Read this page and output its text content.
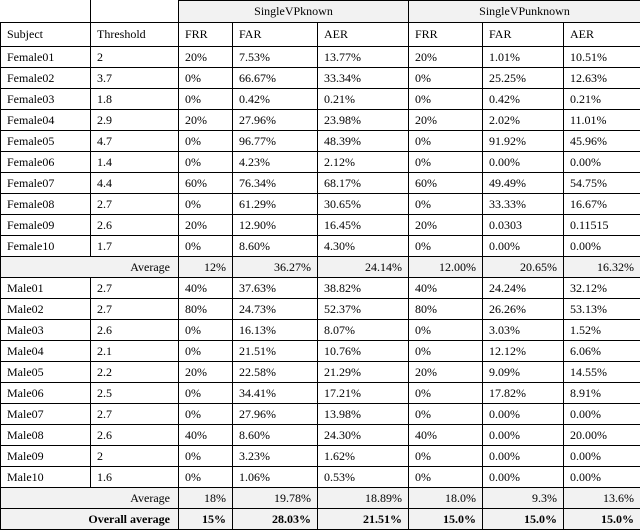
		SingleVPknown			SingleVPunknown		
Subject	Threshold	FRR	FAR	AER	FRR	FAR	AER
Female01	2	20%	7.53%	13.77%	20%	1.01%	10.51%
Female02	3.7	0%	66.67%	33.34%	0%	25.25%	12.63%
Female03	1.8	0%	0.42%	0.21%	0%	0.42%	0.21%
Female04	2.9	20%	27.96%	23.98%	20%	2.02%	11.01%
Female05	4.7	0%	96.77%	48.39%	0%	91.92%	45.96%
Female06	1.4	0%	4.23%	2.12%	0%	0.00%	0.00%
Female07	4.4	60%	76.34%	68.17%	60%	49.49%	54.75%
Female08	2.7	0%	61.29%	30.65%	0%	33.33%	16.67%
Female09	2.6	20%	12.90%	16.45%	20%	0.0303	0.11515
Female10	1.7	0%	8.60%	4.30%	0%	0.00%	0.00%
Average		12%	36.27%	24.14%	12.00%	20.65%	16.32%
Male01	2.7	40%	37.63%	38.82%	40%	24.24%	32.12%
Male02	2.7	80%	24.73%	52.37%	80%	26.26%	53.13%
Male03	2.6	0%	16.13%	8.07%	0%	3.03%	1.52%
Male04	2.1	0%	21.51%	10.76%	0%	12.12%	6.06%
Male05	2.2	20%	22.58%	21.29%	20%	9.09%	14.55%
Male06	2.5	0%	34.41%	17.21%	0%	17.82%	8.91%
Male07	2.7	0%	27.96%	13.98%	0%	0.00%	0.00%
Male08	2.6	40%	8.60%	24.30%	40%	0.00%	20.00%
Male09	2	0%	3.23%	1.62%	0%	0.00%	0.00%
Male10	1.6	0%	1.06%	0.53%	0%	0.00%	0.00%
Average		18%	19.78%	18.89%	18.0%	9.3%	13.6%
Overall average		15%	28.03%	21.51%	15.0%	15.0%	15.0%
